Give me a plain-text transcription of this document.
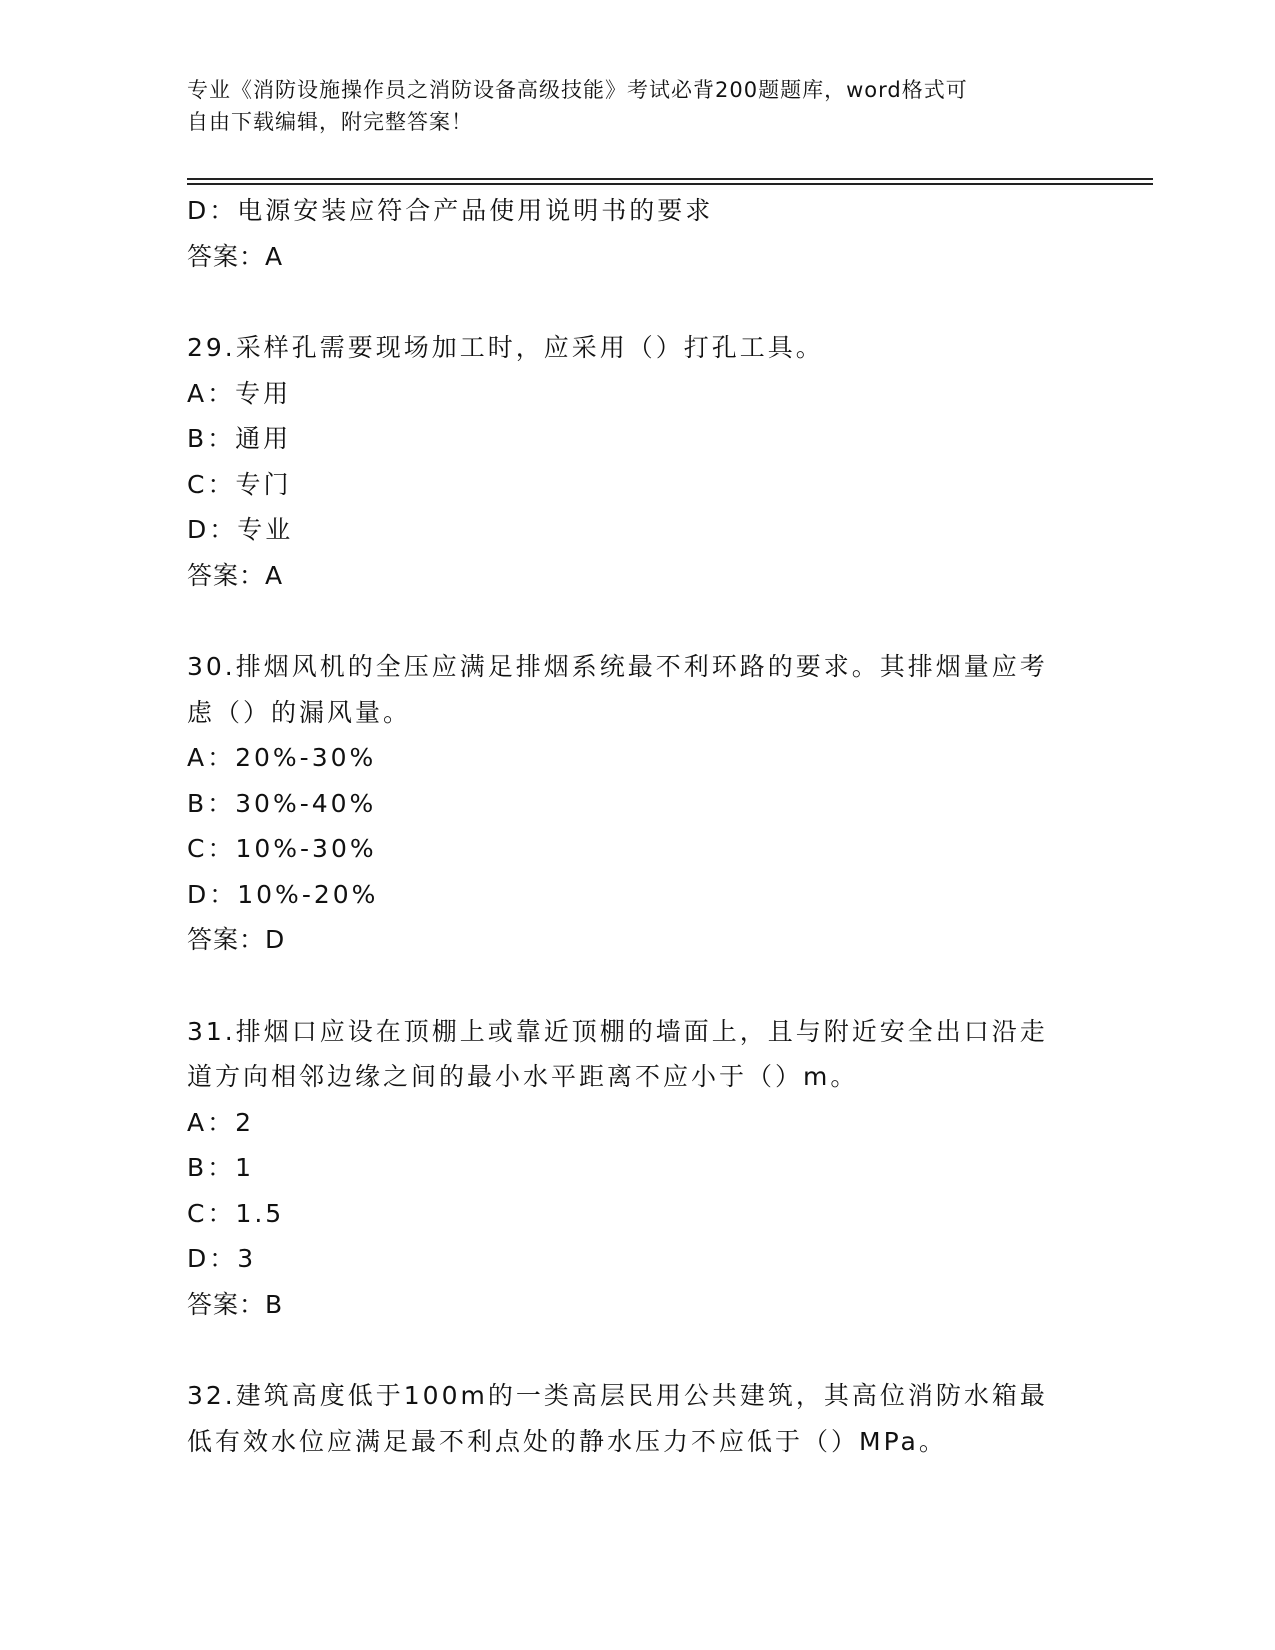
专业《消防设施操作员之消防设备高级技能》考试必背200题题库，word格式可
自由下载编辑，附完整答案！
D：电源安装应符合产品使用说明书的要求
答案：A
29.采样孔需要现场加工时，应采用（）打孔工具。
A：专用
B：通用
C：专门
D：专业
答案：A
30.排烟风机的全压应满足排烟系统最不利环路的要求。其排烟量应考
虑（）的漏风量。
A：20%-30%
B：30%-40%
C：10%-30%
D：10%-20%
答案：D
31.排烟口应设在顶棚上或靠近顶棚的墙面上，且与附近安全出口沿走
道方向相邻边缘之间的最小水平距离不应小于（）m。
A：2
B：1
C：1.5
D：3
答案：B
32.建筑高度低于100m的一类高层民用公共建筑，其高位消防水箱最
低有效水位应满足最不利点处的静水压力不应低于（）MPa。
